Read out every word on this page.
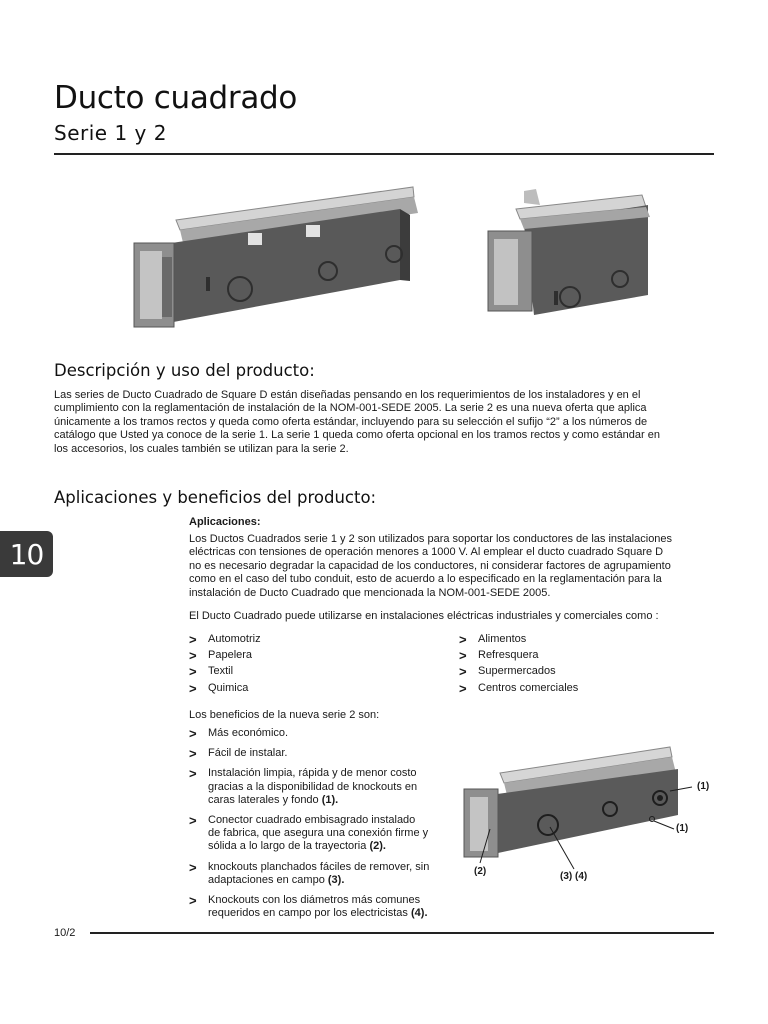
Ducto cuadrado
Serie 1 y 2
Descripción y uso del producto:
Las series de Ducto Cuadrado de Square D están diseñadas pensando en los requerimientos de los instaladores y en el
cumplimiento con la reglamentación de instalación de la NOM-001-SEDE 2005. La serie 2 es una nueva oferta que aplica
únicamente a los tramos rectos y queda como oferta estándar, incluyendo para su selección el sufijo “2” a los números de
catálogo que Usted ya conoce de la serie 1. La serie 1 queda como oferta opcional en los tramos rectos y como estándar en
los accesorios, los cuales también se utilizan para la serie 2.
Aplicaciones y beneficios del producto:
10
Aplicaciones:
Los Ductos Cuadrados serie 1 y 2 son utilizados para soportar los conductores de las instalaciones
eléctricas con tensiones de operación menores a 1000 V. Al emplear el ducto cuadrado Square D
no es necesario degradar la capacidad de los conductores, ni considerar factores de agrupamiento
como en el caso del tubo conduit, esto de acuerdo a lo especificado en la reglamentación para la
instalación de Ducto Cuadrado que mencionada la NOM-001-SEDE 2005.
El Ducto Cuadrado puede utilizarse en instalaciones eléctricas industriales y comerciales como :
>	Automotriz
>	Papelera
>	Textil
>	Quimica
>	Alimentos
>	Refresquera
>	Supermercados
>	Centros comerciales
Los beneficios de la nueva serie 2 son:
>	Más económico.
>	Fácil de instalar.
>	Instalación limpia, rápida y de menor costo
gracias a la disponibilidad de knockouts en
caras laterales y fondo (1).
>	Conector cuadrado embisagrado instalado
de fabrica, que asegura una conexión firme y
sólida a lo largo de la trayectoria (2).
>	knockouts planchados fáciles de remover, sin
adaptaciones en campo (3).
>	Knockouts con los diámetros más comunes
requeridos en campo por los electricistas (4).
(1)
(1)
(2)	(3) (4)
10/2
